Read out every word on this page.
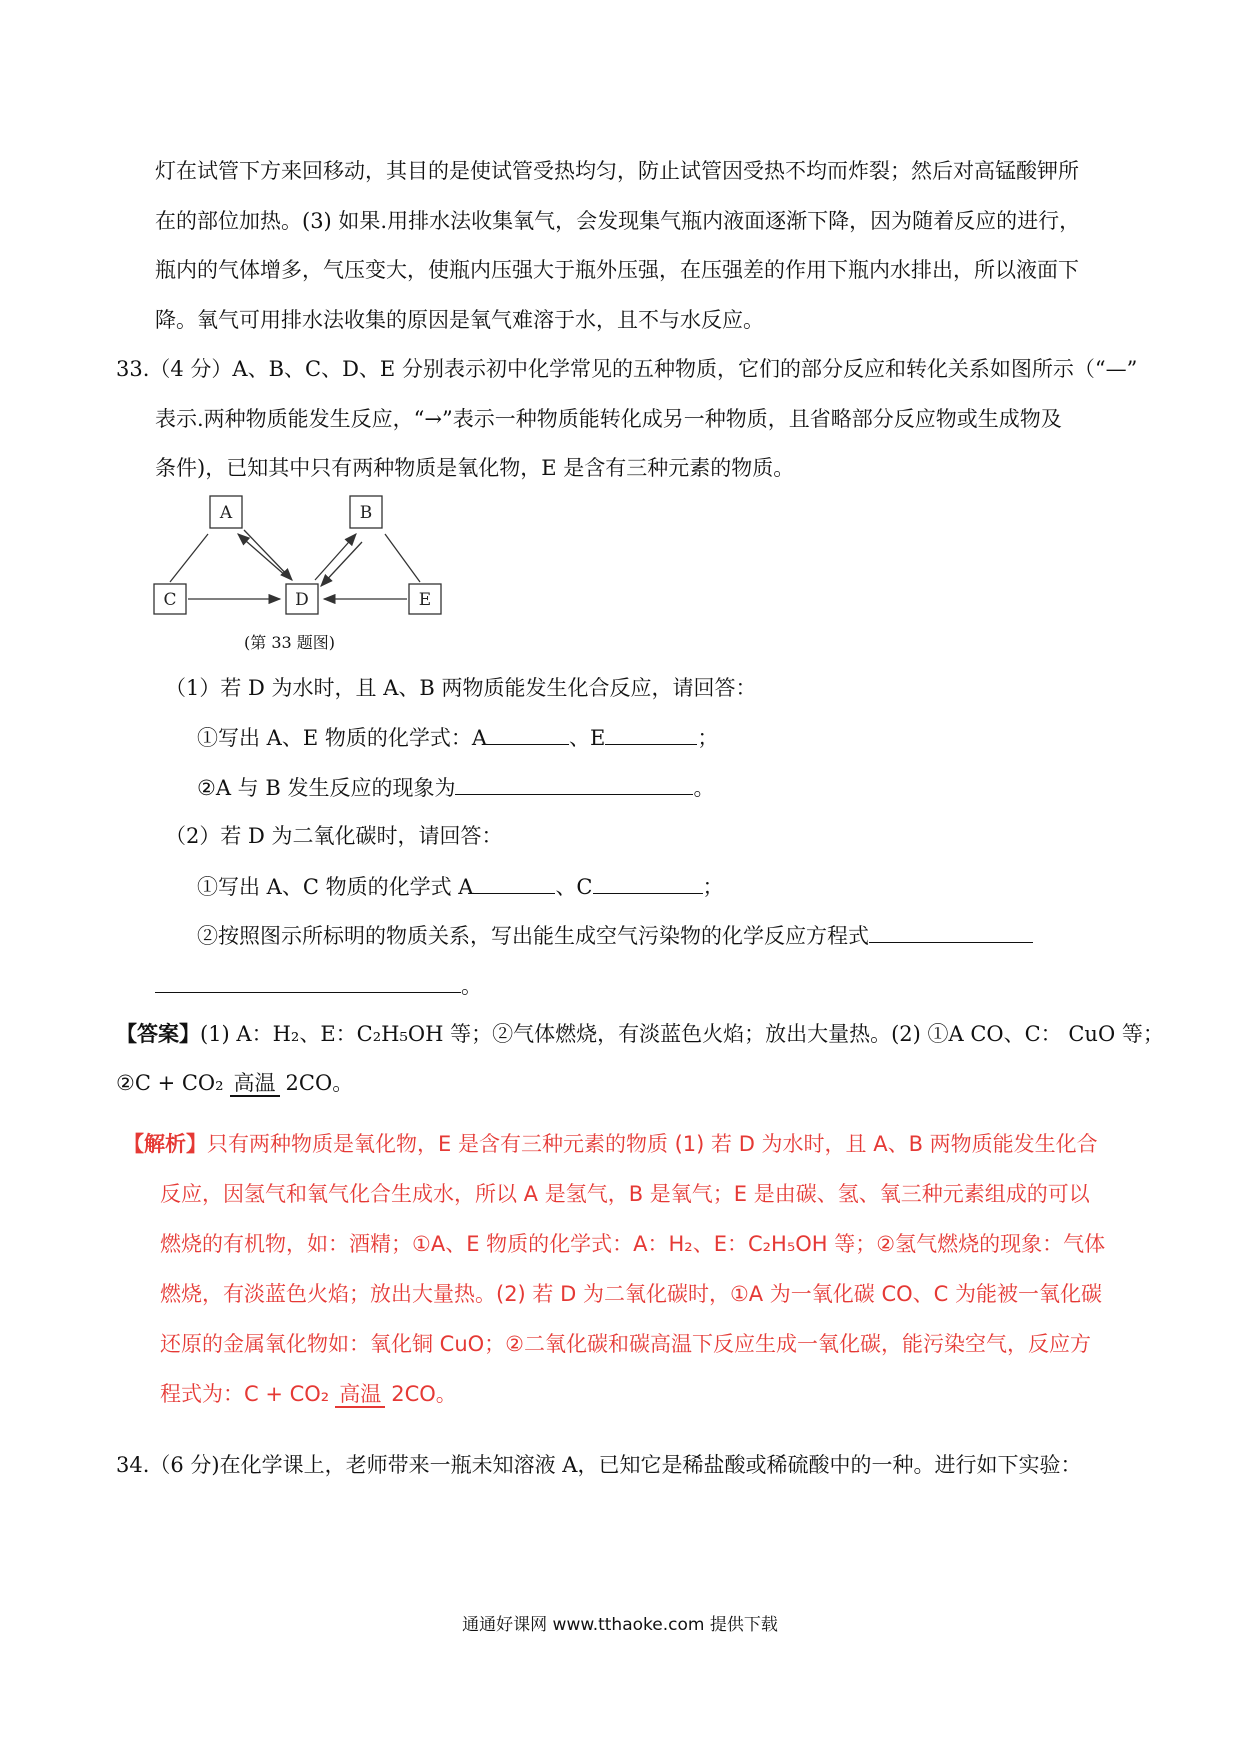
灯在试管下方来回移动，其目的是使试管受热均匀，防止试管因受热不均而炸裂；然后对高锰酸钾所
在的部位加热。(3) 如果.用排水法收集氧气，会发现集气瓶内液面逐渐下降，因为随着反应的进行，
瓶内的气体增多，气压变大，使瓶内压强大于瓶外压强，在压强差的作用下瓶内水排出，所以液面下
降。氧气可用排水法收集的原因是氧气难溶于水，且不与水反应。
33.（4 分）A、B、C、D、E 分别表示初中化学常见的五种物质，它们的部分反应和转化关系如图所示（“—”
表示.两种物质能发生反应，“→”表示一种物质能转化成另一种物质，且省略部分反应物或生成物及
条件)，已知其中只有两种物质是氧化物，E 是含有三种元素的物质。
A	B
C	D	E
(第 33 题图)
（1）若 D 为水时，且 A、B 两物质能发生化合反应，请回答：
①写出 A、E 物质的化学式：A	、E	；
②A 与 B 发生反应的现象为	。
（2）若 D 为二氧化碳时，请回答：
①写出 A、C 物质的化学式 A	、C	；
②按照图示所标明的物质关系，写出能生成空气污染物的化学反应方程式
。
【答案】(1) A：H₂、E：C₂H₅OH 等；②气体燃烧，有淡蓝色火焰；放出大量热。(2) ①A CO、C： CuO 等；
②C + CO₂ 高温 2CO。
【解析】只有两种物质是氧化物，E 是含有三种元素的物质 (1) 若 D 为水时，且 A、B 两物质能发生化合
反应，因氢气和氧气化合生成水，所以 A 是氢气，B 是氧气；E 是由碳、氢、氧三种元素组成的可以
燃烧的有机物，如：酒精；①A、E 物质的化学式：A：H₂、E：C₂H₅OH 等；②氢气燃烧的现象：气体
燃烧，有淡蓝色火焰；放出大量热。(2) 若 D 为二氧化碳时，①A 为一氧化碳 CO、C 为能被一氧化碳
还原的金属氧化物如：氧化铜 CuO；②二氧化碳和碳高温下反应生成一氧化碳，能污染空气，反应方
程式为：C + CO₂ 高温 2CO。
34.（6 分)在化学课上，老师带来一瓶未知溶液 A，已知它是稀盐酸或稀硫酸中的一种。进行如下实验：
通通好课网 www.tthaoke.com 提供下载
